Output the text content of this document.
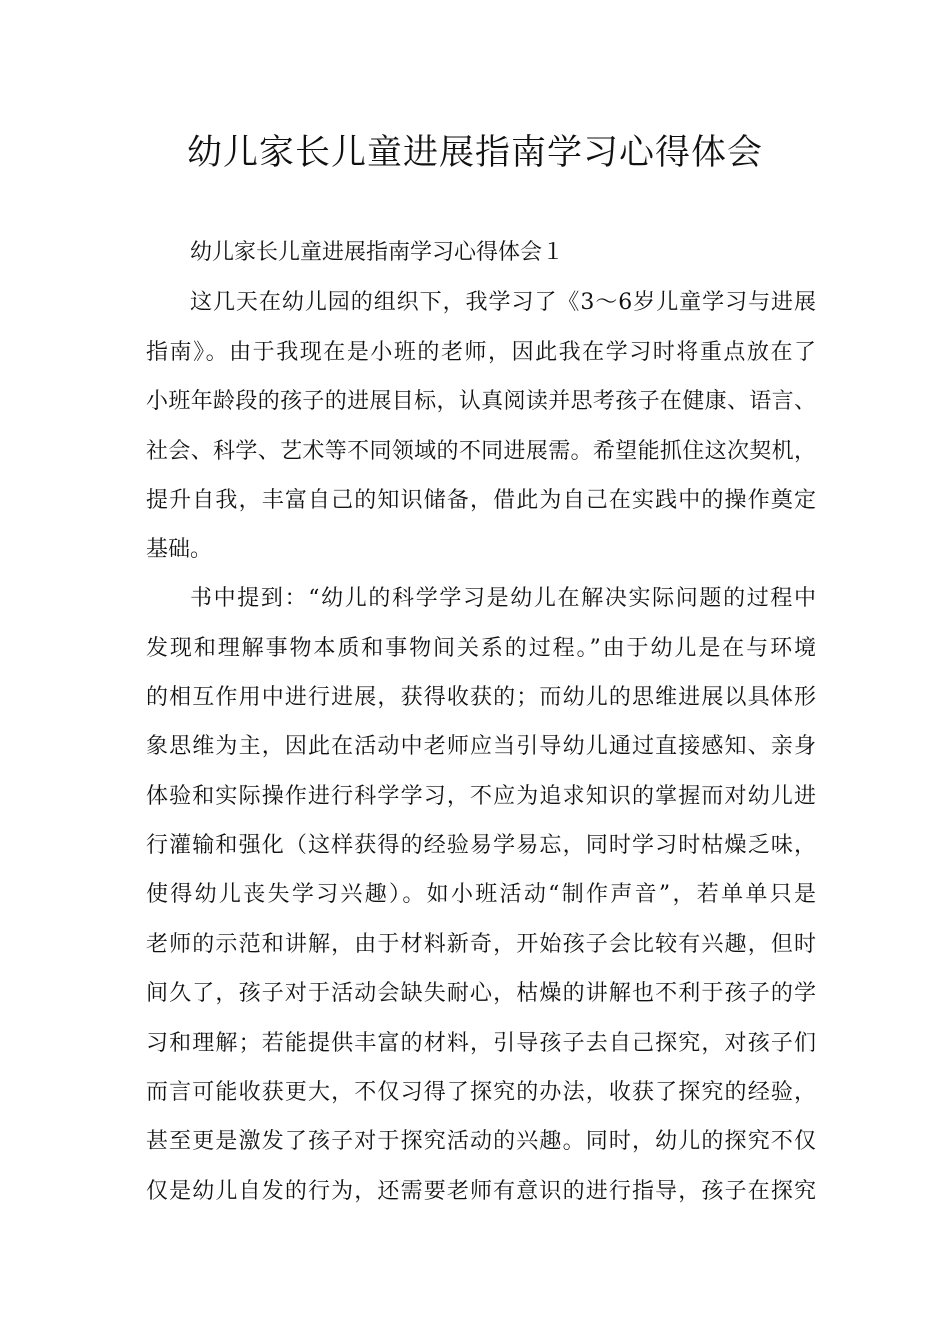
幼儿家长儿童进展指南学习心得体会
幼儿家长儿童进展指南学习心得体会１
这几天在幼儿园的组织下，我学习了《3～6岁儿童学习与进展
指南》。由于我现在是小班的老师，因此我在学习时将重点放在了
小班年龄段的孩子的进展目标，认真阅读并思考孩子在健康、语言、
社会、科学、艺术等不同领域的不同进展需。希望能抓住这次契机，
提升自我，丰富自己的知识储备，借此为自己在实践中的操作奠定
基础。
书中提到：“幼儿的科学学习是幼儿在解决实际问题的过程中
发现和理解事物本质和事物间关系的过程。”由于幼儿是在与环境
的相互作用中进行进展，获得收获的；而幼儿的思维进展以具体形
象思维为主，因此在活动中老师应当引导幼儿通过直接感知、亲身
体验和实际操作进行科学学习，不应为追求知识的掌握而对幼儿进
行灌输和强化（这样获得的经验易学易忘，同时学习时枯燥乏味，
使得幼儿丧失学习兴趣）。如小班活动“制作声音”，若单单只是
老师的示范和讲解，由于材料新奇，开始孩子会比较有兴趣，但时
间久了，孩子对于活动会缺失耐心，枯燥的讲解也不利于孩子的学
习和理解；若能提供丰富的材料，引导孩子去自己探究，对孩子们
而言可能收获更大，不仅习得了探究的办法，收获了探究的经验，
甚至更是激发了孩子对于探究活动的兴趣。同时，幼儿的探究不仅
仅是幼儿自发的行为，还需要老师有意识的进行指导，孩子在探究
